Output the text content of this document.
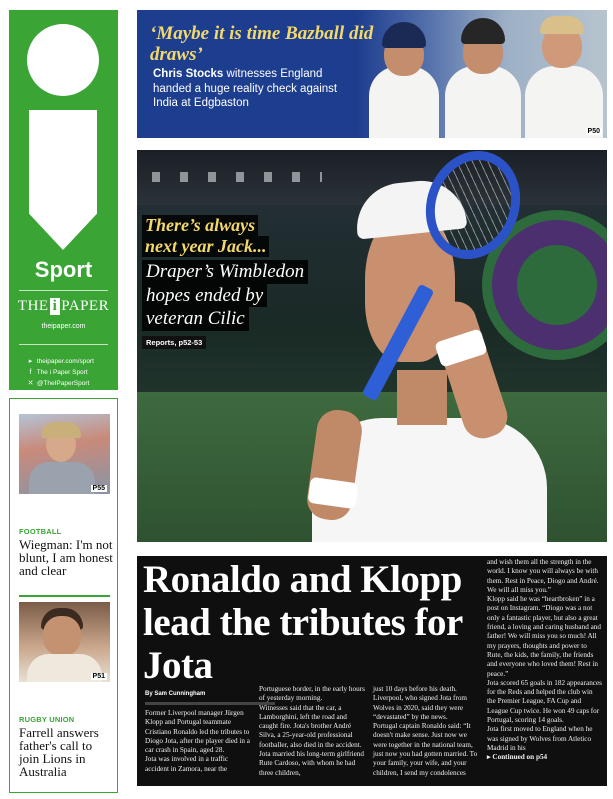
Sport
THE i PAPER
theipaper.com
▸ theipaper.com/sport
f The i Paper Sport
✕ @TheIPaperSport
P55
FOOTBALL
Wiegman: I'm not blunt, I am honest and clear
P51
RUGBY UNION
Farrell answers father's call to join Lions in Australia
‘Maybe it is time Bazball did draws’
Chris Stocks witnesses England handed a huge reality check against India at Edgbaston
P50
There’s always
next year Jack...
Draper’s Wimbledon
hopes ended by
veteran Cilic
Reports, p52-53
Ronaldo and Klopp lead the tributes for Jota
By Sam Cunningham
Former Liverpool manager Jürgen Klopp and Portugal teammate Cristiano Ronaldo led the tributes to Diogo Jota, after the player died in a car crash in Spain, aged 28.
Jota was involved in a traffic accident in Zamora, near the
Portuguese border, in the early hours of yesterday morning.
Witnesses said that the car, a Lamborghini, left the road and caught fire. Jota's brother André Silva, a 25-year-old professional footballer, also died in the accident.
Jota married his long-term girlfriend Rute Cardoso, with whom he had three children,
just 10 days before his death.
Liverpool, who signed Jota from Wolves in 2020, said they were “devastated” by the news.
Portugal captain Ronaldo said: “It doesn't make sense. Just now we were together in the national team, just now you had gotten married. To your family, your wife, and your children, I send my condolences
and wish them all the strength in the world. I know you will always be with them. Rest in Peace, Diogo and André. We will all miss you.”
Klopp said he was “heartbroken” in a post on Instagram. “Diogo was a not only a fantastic player, but also a great friend, a loving and caring husband and father! We will miss you so much! All my prayers, thoughts and power to Rute, the kids, the family, the friends and everyone who loved them! Rest in peace.”
Jota scored 65 goals in 182 appearances for the Reds and helped the club win the Premier League, FA Cup and League Cup twice. He won 49 caps for Portugal, scoring 14 goals.
Jota first moved to England when he was signed by Wolves from Atletico Madrid in his
▸ Continued on p54
